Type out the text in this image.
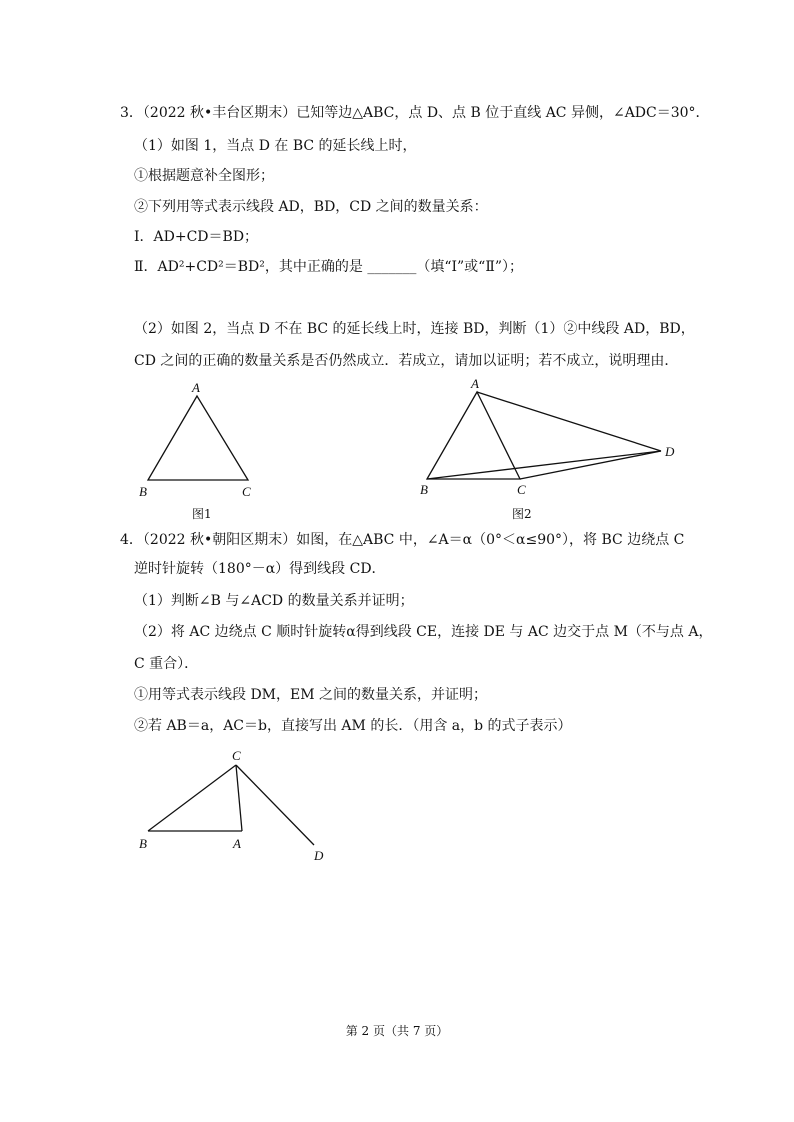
3．（2022 秋•丰台区期末）已知等边△ABC，点 D、点 B 位于直线 AC 异侧，∠ADC＝30°．
（1）如图 1，当点 D 在 BC 的延长线上时，
①根据题意补全图形；
②下列用等式表示线段 AD，BD，CD 之间的数量关系：
Ⅰ．AD+CD＝BD；
Ⅱ．AD²+CD²＝BD²，其中正确的是 _______（填“Ⅰ”或“Ⅱ”）；
（2）如图 2，当点 D 不在 BC 的延长线上时，连接 BD，判断（1）②中线段 AD，BD，
CD 之间的正确的数量关系是否仍然成立．若成立，请加以证明；若不成立，说明理由．
A
B	C
图1
A
B	C
D
图2
4．（2022 秋•朝阳区期末）如图，在△ABC 中，∠A＝α（0°＜α≤90°），将 BC 边绕点 C
逆时针旋转（180°－α）得到线段 CD．
（1）判断∠B 与∠ACD 的数量关系并证明；
（2）将 AC 边绕点 C 顺时针旋转α得到线段 CE，连接 DE 与 AC 边交于点 M（不与点 A，
C 重合）．
①用等式表示线段 DM，EM 之间的数量关系，并证明；
②若 AB＝a，AC＝b，直接写出 AM 的长．（用含 a，b 的式子表示）
C
B	A
D
第 2 页（共 7 页）
